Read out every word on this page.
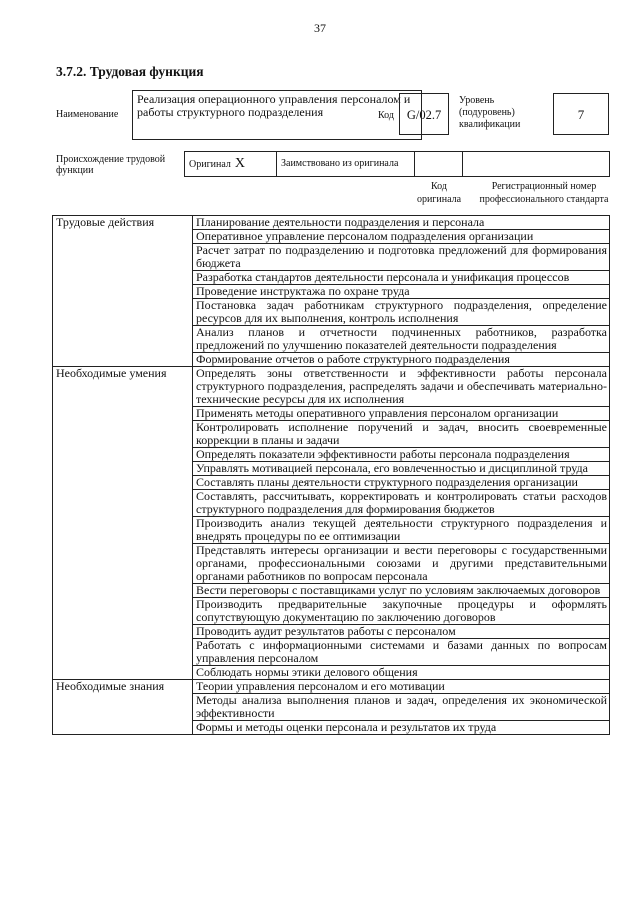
37
3.7.2. Трудовая функция
Наименование
Реализация операционного управления персоналом и работы структурного подразделения	Код	G/02.7
Уровень (подуровень) квалификации
7
Происхождение трудовой функции
Оригинал X	Заимствовано из оригинала
Код оригинала
Регистрационный номер профессионального стандарта
Трудовые действия	Планирование деятельности подразделения и персонала
	Оперативное управление персоналом подразделения организации
	Расчет затрат по подразделению и подготовка предложений для формирования бюджета
	Разработка стандартов деятельности персонала и унификация процессов
	Проведение инструктажа по охране труда
	Постановка задач работникам структурного подразделения, определение ресурсов для их выполнения, контроль исполнения
	Анализ планов и отчетности подчиненных работников, разработка предложений по улучшению показателей деятельности подразделения
	Формирование отчетов о работе структурного подразделения
Необходимые умения	Определять зоны ответственности и эффективности работы персонала структурного подразделения, распределять задачи и обеспечивать материально-технические ресурсы для их исполнения
	Применять методы оперативного управления персоналом организации
	Контролировать исполнение поручений и задач, вносить своевременные коррекции в планы и задачи
	Определять показатели эффективности работы персонала подразделения
	Управлять мотивацией персонала, его вовлеченностью и дисциплиной труда
	Составлять планы деятельности структурного подразделения организации
	Составлять, рассчитывать, корректировать и контролировать статьи расходов структурного подразделения для формирования бюджетов
	Производить анализ текущей деятельности структурного подразделения и внедрять процедуры по ее оптимизации
	Представлять интересы организации и вести переговоры с государственными органами, профессиональными союзами и другими представительными органами работников по вопросам персонала
	Вести переговоры с поставщиками услуг по условиям заключаемых договоров
	Производить предварительные закупочные процедуры и оформлять сопутствующую документацию по заключению договоров
	Проводить аудит результатов работы с персоналом
	Работать с информационными системами и базами данных по вопросам управления персоналом
	Соблюдать нормы этики делового общения
Необходимые знания	Теории управления персоналом и его мотивации
	Методы анализа выполнения планов и задач, определения их экономической эффективности
	Формы и методы оценки персонала и результатов их труда
